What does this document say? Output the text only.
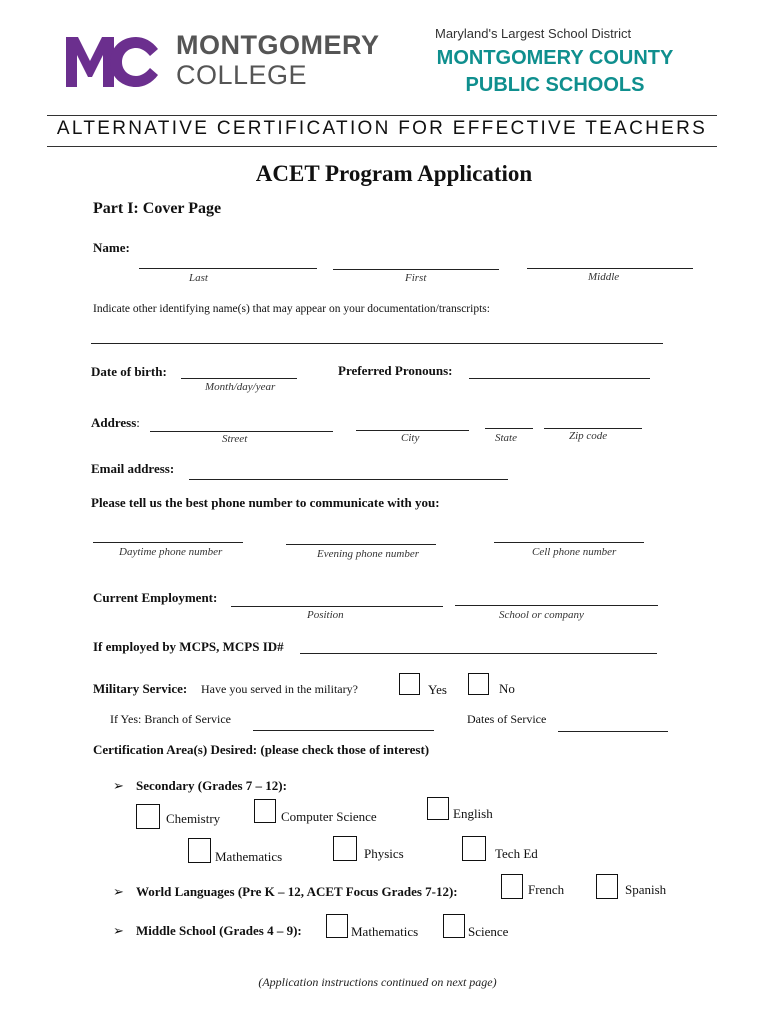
MONTGOMERY
COLLEGE
Maryland's Largest School District
MONTGOMERY COUNTY
PUBLIC SCHOOLS
ALTERNATIVE CERTIFICATION FOR EFFECTIVE TEACHERS
ACET Program Application
Part I: Cover Page
Name:
Last	First	Middle
Indicate other identifying name(s) that may appear on your documentation/transcripts:
Date of birth:
Month/day/year
Preferred Pronouns:
Address:
Street	City	State	Zip code
Email address:
Please tell us the best phone number to communicate with you:
Daytime phone number	Evening phone number	Cell phone number
Current Employment:
Position	School or company
If employed by MCPS, MCPS ID#
Military Service: Have you served in the military?	Yes	No
If Yes: Branch of Service	Dates of Service
Certification Area(s) Desired: (please check those of interest)
➢ Secondary (Grades 7 – 12):
Chemistry	Computer Science	English
Mathematics	Physics	Tech Ed
➢ World Languages (Pre K – 12, ACET Focus Grades 7-12):	French	Spanish
➢ Middle School (Grades 4 – 9):	Mathematics	Science
(Application instructions continued on next page)
